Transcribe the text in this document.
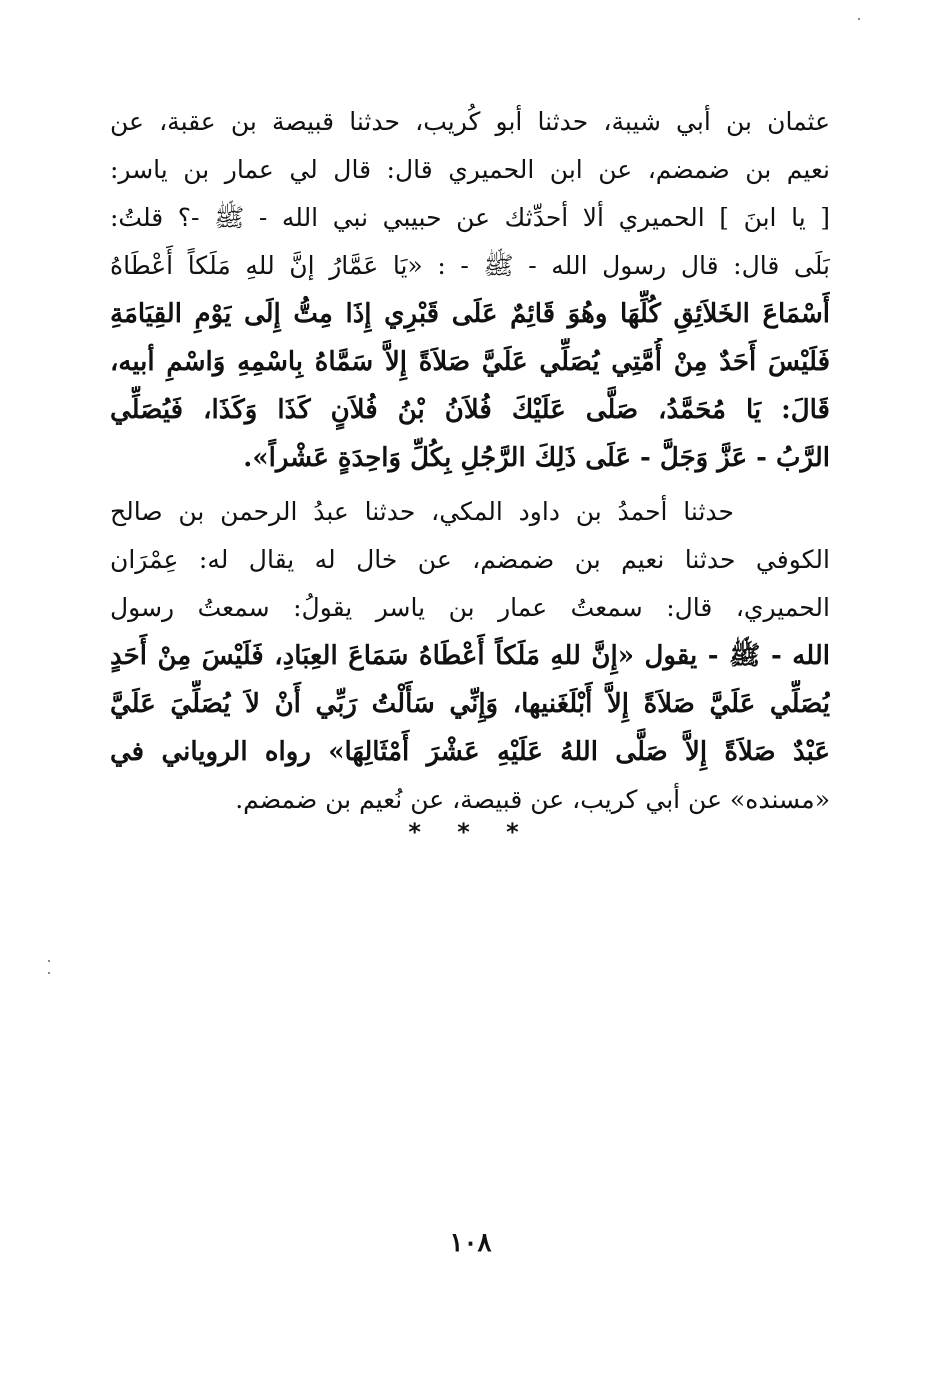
عثمان بن أبي شيبة، حدثنا أبو كُريب، حدثنا قبيصة بن عقبة، عن
نعيم بن ضمضم، عن ابن الحميري قال: قال لي عمار بن ياسر:
[ يا ابنَ ] الحميري ألا أحدِّثك عن حبيبي نبي الله - ﷺ -؟ قلتُ:
بَلَى قال: قال رسول الله - ﷺ - : «يَا عَمَّارُ إنَّ للهِ مَلَكاً أَعْطَاهُ
أَسْمَاعَ الخَلاَئِقِ كُلِّهَا وهُوَ قَائِمٌ عَلَى قَبْرِي إِذَا مِتُّ إِلَى يَوْمِ القِيَامَةِ
فَلَيْسَ أَحَدٌ مِنْ أُمَّتِي يُصَلِّي عَلَيَّ صَلاَةً إِلاَّ سَمَّاهُ بِاسْمِهِ وَاسْمِ أبيه،
قَالَ: يَا مُحَمَّدُ، صَلَّى عَلَيْكَ فُلاَنُ بْنُ فُلاَنٍ كَذَا وَكَذَا، فَيُصَلِّي
الرَّبُ - عَزَّ وَجَلَّ - عَلَى ذَلِكَ الرَّجُلِ بِكُلِّ وَاحِدَةٍ عَشْراً».
حدثنا أحمدُ بن داود المكي، حدثنا عبدُ الرحمن بن صالح
الكوفي حدثنا نعيم بن ضمضم، عن خال له يقال له: عِمْرَان
الحميري، قال: سمعتُ عمار بن ياسر يقولُ: سمعتُ رسول
الله - ﷺ - يقول «إِنَّ للهِ مَلَكاً أَعْطَاهُ سَمَاعَ العِبَادِ، فَلَيْسَ مِنْ أَحَدٍ
يُصَلِّي عَلَيَّ صَلاَةً إِلاَّ أَبْلَغَنيها، وَإِنِّي سَأَلْتُ رَبِّي أَنْ لاَ يُصَلِّيَ عَلَيَّ
عَبْدٌ صَلاَةً إِلاَّ صَلَّى اللهُ عَلَيْهِ عَشْرَ أَمْثَالِهَا» رواه الروياني في
«مسنده» عن أبي كريب، عن قبيصة، عن نُعيم بن ضمضم.
* * *
١٠٨
